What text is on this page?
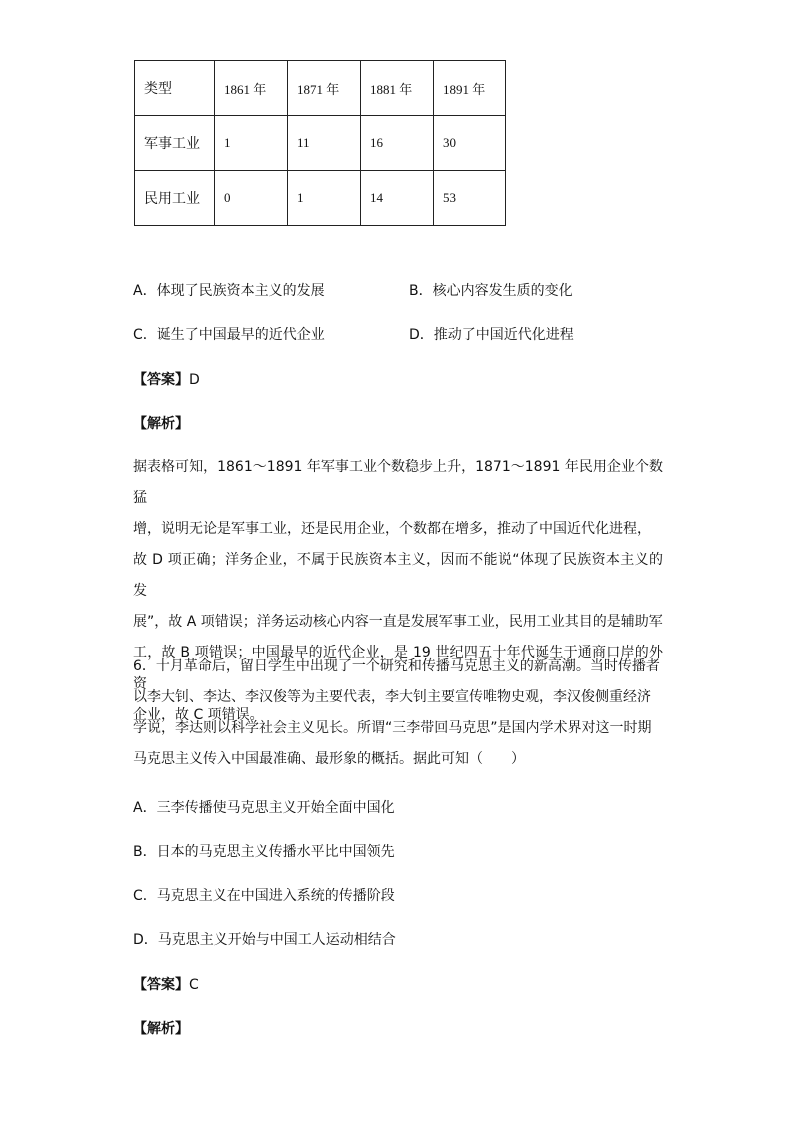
类型	1861 年	1871 年	1881 年	1891 年
军事工业	1	11	16	30
民用工业	0	1	14	53
A．体现了民族资本主义的发展	B．核心内容发生质的变化
C．诞生了中国最早的近代企业	D．推动了中国近代化进程
【答案】D
【解析】
据表格可知，1861～1891 年军事工业个数稳步上升，1871～1891 年民用企业个数猛
增，说明无论是军事工业，还是民用企业，个数都在增多，推动了中国近代化进程，
故 D 项正确；洋务企业，不属于民族资本主义，因而不能说“体现了民族资本主义的发
展”，故 A 项错误；洋务运动核心内容一直是发展军事工业，民用工业其目的是辅助军
工，故 B 项错误；中国最早的近代企业，是 19 世纪四五十年代诞生于通商口岸的外资
企业，故 C 项错误。
6．十月革命后，留日学生中出现了一个研究和传播马克思主义的新高潮。当时传播者
以李大钊、李达、李汉俊等为主要代表，李大钊主要宣传唯物史观，李汉俊侧重经济
学说，李达则以科学社会主义见长。所谓“三李带回马克思”是国内学术界对这一时期
马克思主义传入中国最准确、最形象的概括。据此可知（　　）
A．三李传播使马克思主义开始全面中国化
B．日本的马克思主义传播水平比中国领先
C．马克思主义在中国进入系统的传播阶段
D．马克思主义开始与中国工人运动相结合
【答案】C
【解析】
